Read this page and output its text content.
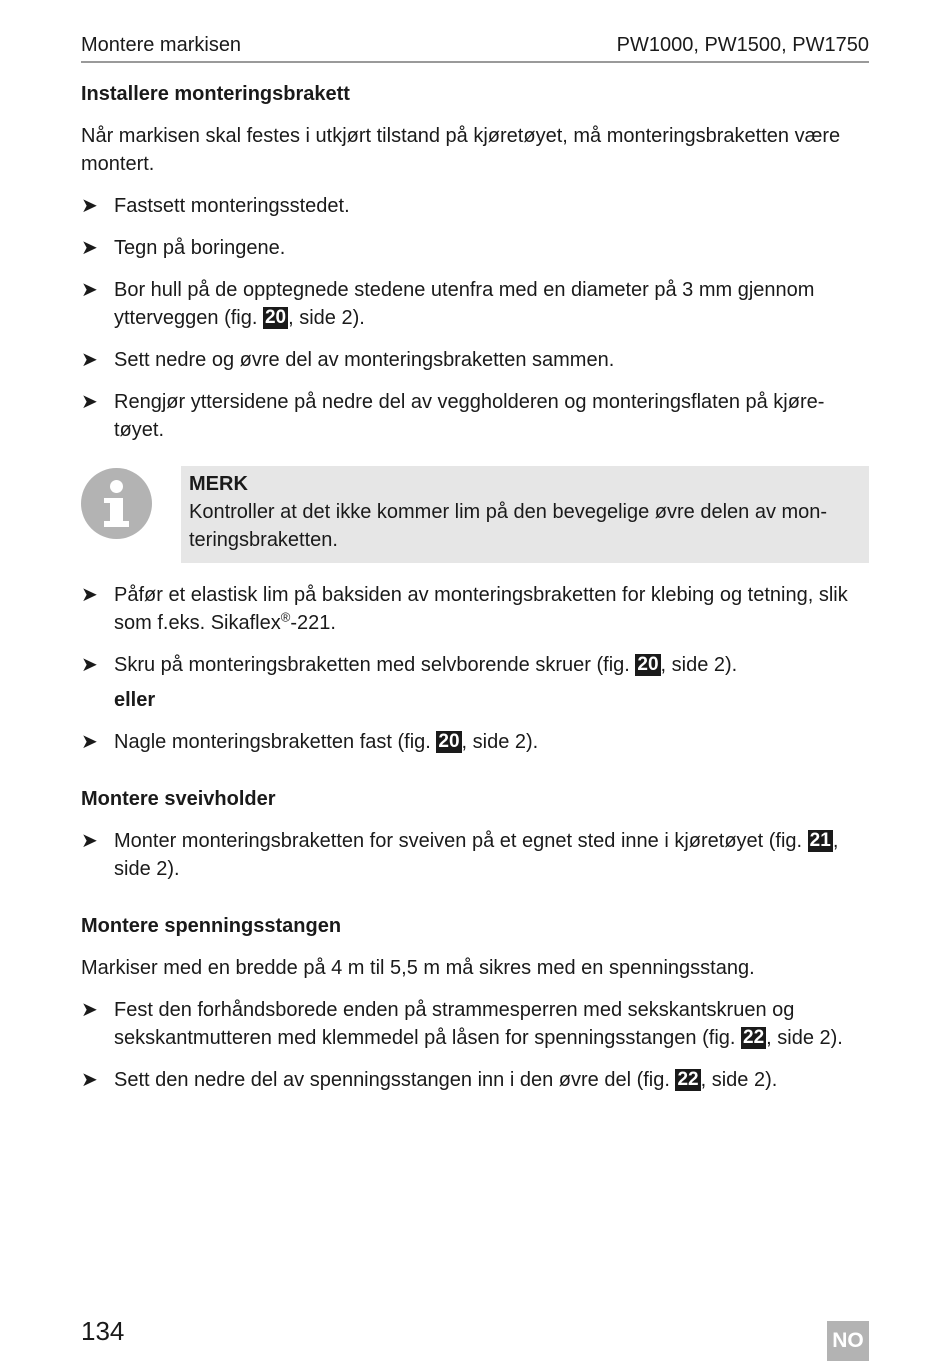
Montere markisen	PW1000, PW1500, PW1750
Installere monteringsbrakett

Når markisen skal festes i utkjørt tilstand på kjøretøyet, må monteringsbraketten være montert.

➤ Fastsett monteringsstedet.
➤ Tegn på boringene.
➤ Bor hull på de opptegnede stedene utenfra med en diameter på 3 mm gjennom ytterveggen (fig. 20 , side 2).
➤ Sett nedre og øvre del av monteringsbraketten sammen.
➤ Rengjør yttersidene på nedre del av veggholderen og monteringsflaten på kjøre-tøyet.
MERK
Kontroller at det ikke kommer lim på den bevegelige øvre delen av mon-teringsbraketten.
➤ Påfør et elastisk lim på baksiden av monteringsbraketten for klebing og tetning, slik som f.eks. Sikaflex®-221.
➤ Skru på monteringsbraketten med selvborende skruer (fig. 20 , side 2).
eller
➤ Nagle monteringsbraketten fast (fig. 20 , side 2).
Montere sveivholder
➤ Monter monteringsbraketten for sveiven på et egnet sted inne i kjøretøyet (fig. 21 , side 2).
Montere spenningsstangen

Markiser med en bredde på 4 m til 5,5 m må sikres med en spenningsstang.

➤ Fest den forhåndsborede enden på strammesperren med sekskantskruen og sekskantmutteren med klemmedel på låsen for spenningsstangen (fig. 22 , side 2).
➤ Sett den nedre del av spenningsstangen inn i den øvre del (fig. 22 , side 2).
134	NO
